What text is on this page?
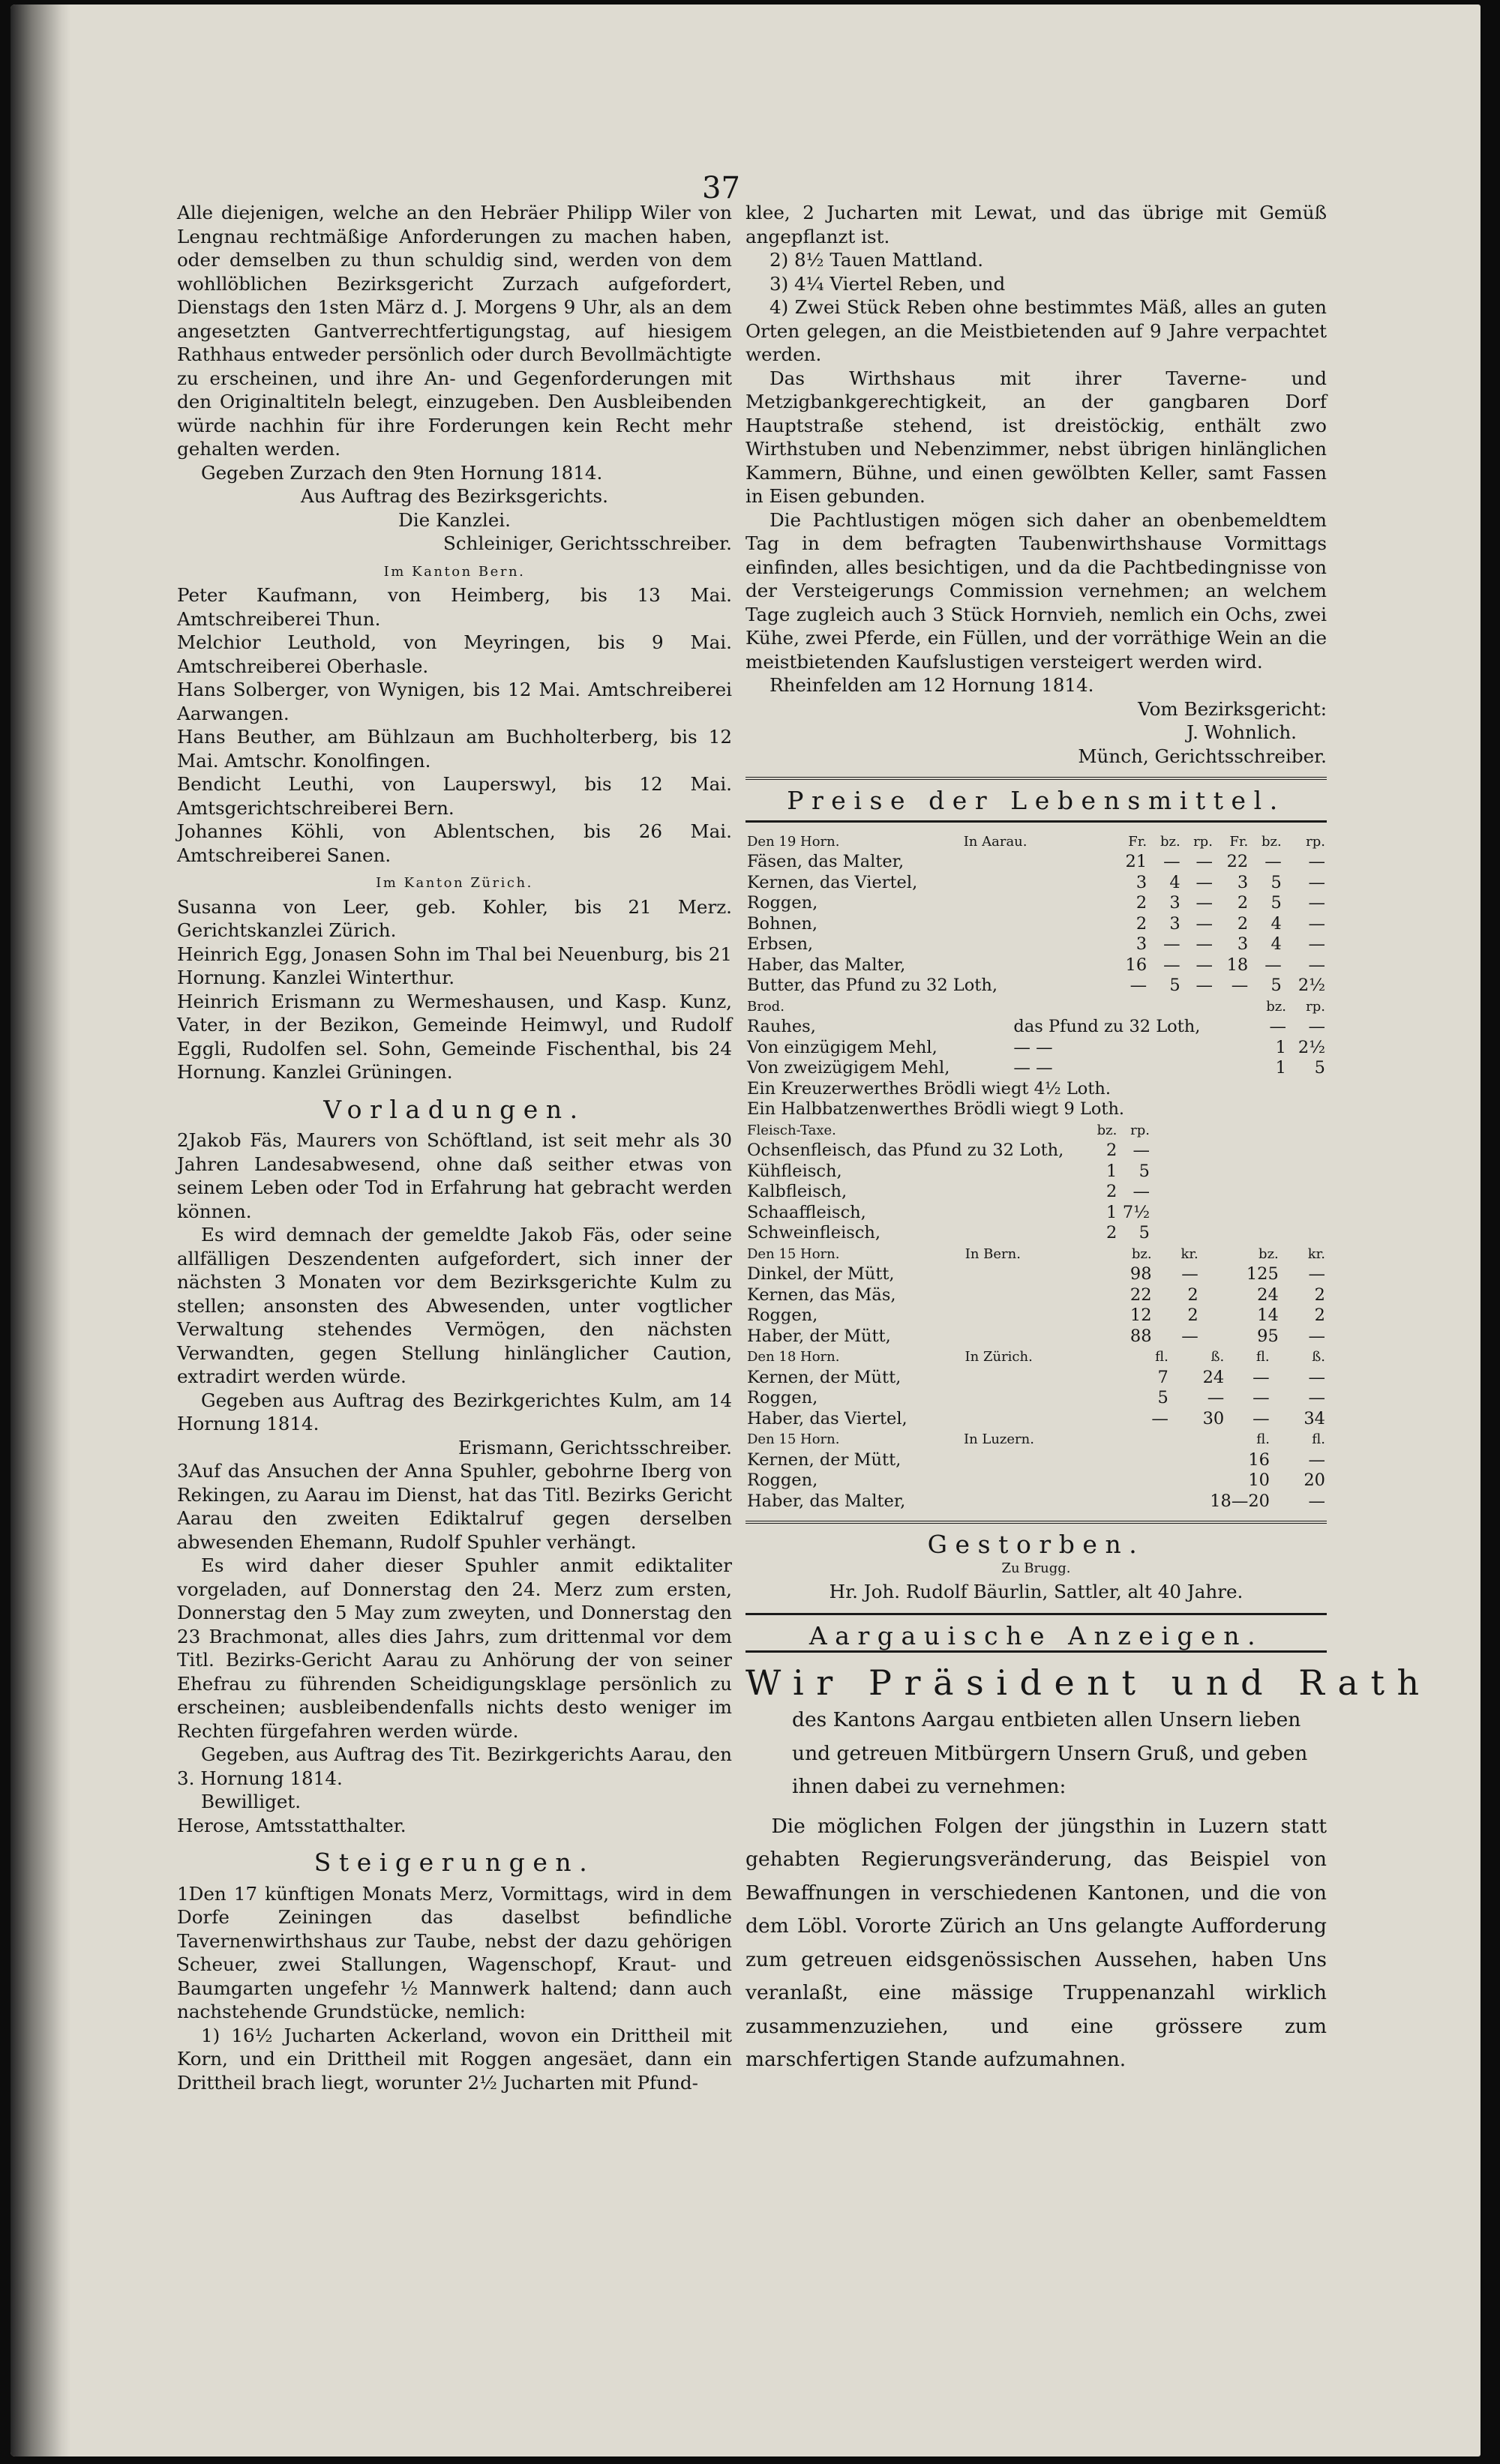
37

Alle diejenigen, welche an den Hebräer Philipp Wiler von Lengnau rechtmäßige Anforderungen zu machen haben, oder demselben zu thun schuldig sind, werden von dem wohllöblichen Bezirksgericht Zurzach aufgefordert, Dienstags den 1sten März d. J. Morgens 9 Uhr, als an dem angesetzten Gantverrechtfertigungstag, auf hiesigem Rathhaus entweder persönlich oder durch Bevollmächtigte zu erscheinen, und ihre An- und Gegenforderungen mit den Originaltiteln belegt, einzugeben. Den Ausbleibenden würde nachhin für ihre Forderungen kein Recht mehr gehalten werden.

Gegeben Zurzach den 9ten Hornung 1814.

Aus Auftrag des Bezirksgerichts.

Die Kanzlei.

Schleiniger, Gerichtsschreiber.

Im Kanton Bern.

Peter Kaufmann, von Heimberg, bis 13 Mai. Amtschreiberei Thun.

Melchior Leuthold, von Meyringen, bis 9 Mai. Amtschreiberei Oberhasle.

Hans Solberger, von Wynigen, bis 12 Mai. Amtschreiberei Aarwangen.

Hans Beuther, am Bühlzaun am Buchholterberg, bis 12 Mai. Amtschr. Konolfingen.

Bendicht Leuthi, von Lauperswyl, bis 12 Mai. Amtsgerichtschreiberei Bern.

Johannes Köhli, von Ablentschen, bis 26 Mai. Amtschreiberei Sanen.

Im Kanton Zürich.

Susanna von Leer, geb. Kohler, bis 21 Merz. Gerichtskanzlei Zürich.

Heinrich Egg, Jonasen Sohn im Thal bei Neuenburg, bis 21 Hornung. Kanzlei Winterthur.

Heinrich Erismann zu Wermeshausen, und Kasp. Kunz, Vater, in der Bezikon, Gemeinde Heimwyl, und Rudolf Eggli, Rudolfen sel. Sohn, Gemeinde Fischenthal, bis 24 Hornung. Kanzlei Grüningen.

Vorladungen.

2Jakob Fäs, Maurers von Schöftland, ist seit mehr als 30 Jahren Landesabwesend, ohne daß seither etwas von seinem Leben oder Tod in Erfahrung hat gebracht werden können.

Es wird demnach der gemeldte Jakob Fäs, oder seine allfälligen Deszendenten aufgefordert, sich inner der nächsten 3 Monaten vor dem Bezirksgerichte Kulm zu stellen; ansonsten des Abwesenden, unter vogtlicher Verwaltung stehendes Vermögen, den nächsten Verwandten, gegen Stellung hinlänglicher Caution, extradirt werden würde.

Gegeben aus Auftrag des Bezirkgerichtes Kulm, am 14 Hornung 1814.

Erismann, Gerichtsschreiber.

3Auf das Ansuchen der Anna Spuhler, gebohrne Iberg von Rekingen, zu Aarau im Dienst, hat das Titl. Bezirks Gericht Aarau den zweiten Ediktalruf gegen derselben abwesenden Ehemann, Rudolf Spuhler verhängt.

Es wird daher dieser Spuhler anmit ediktaliter vorgeladen, auf Donnerstag den 24. Merz zum ersten, Donnerstag den 5 May zum zweyten, und Donnerstag den 23 Brachmonat, alles dies Jahrs, zum drittenmal vor dem Titl. Bezirks-Gericht Aarau zu Anhörung der von seiner Ehefrau zu führenden Scheidigungsklage persönlich zu erscheinen; ausbleibendenfalls nichts desto weniger im Rechten fürgefahren werden würde.

Gegeben, aus Auftrag des Tit. Bezirkgerichts Aarau, den 3. Hornung 1814.

Bewilliget.

Herose, Amtsstatthalter.

Steigerungen.

1Den 17 künftigen Monats Merz, Vormittags, wird in dem Dorfe Zeiningen das daselbst befindliche Tavernenwirthshaus zur Taube, nebst der dazu gehörigen Scheuer, zwei Stallungen, Wagenschopf, Kraut- und Baumgarten ungefehr ½ Mannwerk haltend; dann auch nachstehende Grundstücke, nemlich:

1) 16½ Jucharten Ackerland, wovon ein Drittheil mit Korn, und ein Drittheil mit Roggen angesäet, dann ein Drittheil brach liegt, worunter 2½ Jucharten mit Pfund-

klee, 2 Jucharten mit Lewat, und das übrige mit Gemüß angepflanzt ist.

2) 8½ Tauen Mattland.

3) 4¼ Viertel Reben, und

4) Zwei Stück Reben ohne bestimmtes Mäß, alles an guten Orten gelegen, an die Meistbietenden auf 9 Jahre verpachtet werden.

Das Wirthshaus mit ihrer Taverne- und Metzigbankgerechtigkeit, an der gangbaren Dorf Hauptstraße stehend, ist dreistöckig, enthält zwo Wirthstuben und Nebenzimmer, nebst übrigen hinlänglichen Kammern, Bühne, und einen gewölbten Keller, samt Fassen in Eisen gebunden.

Die Pachtlustigen mögen sich daher an obenbemeldtem Tag in dem befragten Taubenwirthshause Vormittags einfinden, alles besichtigen, und da die Pachtbedingnisse von der Versteigerungs Commission vernehmen; an welchem Tage zugleich auch 3 Stück Hornvieh, nemlich ein Ochs, zwei Kühe, zwei Pferde, ein Füllen, und der vorräthige Wein an die meistbietenden Kaufslustigen versteigert werden wird.

Rheinfelden am 12 Hornung 1814.

Vom Bezirksgericht:

J. Wohnlich.

Münch, Gerichtsschreiber.

Preise der Lebensmittel.
Den 19 Horn.	In Aarau.	Fr.	bz.	rp.	Fr.	bz.	rp.
Fäsen, das Malter,		21	—	—	22	—	—
Kernen, das Viertel,		3	4	—	3	5	—
Roggen,		2	3	—	2	5	—
Bohnen,		2	3	—	2	4	—
Erbsen,		3	—	—	3	4	—
Haber, das Malter,		16	—	—	18	—	—
Butter, das Pfund zu 32 Loth,		—	5	—	—	5	2½
Brod.		bz.	rp.
Rauhes,	das Pfund zu 32 Loth,	—	—
Von einzügigem Mehl,	— —	1	2½
Von zweizügigem Mehl,	— —	1	5
Ein Kreuzerwerthes Brödli wiegt 4½ Loth.			
Ein Halbbatzenwerthes Brödli wiegt 9 Loth.			
Fleisch-Taxe.	bz.	rp.	
Ochsenfleisch, das Pfund zu 32 Loth,	2	—	
Kühfleisch,	1	5	
Kalbfleisch,	2	—	
Schaaffleisch,	1	7½	
Schweinfleisch,	2	5	
Den 15 Horn.	In Bern.	bz.	kr.	bz.	kr.
Dinkel, der Mütt,		98	—	125	—
Kernen, das Mäs,		22	2	24	2
Roggen,		12	2	14	2
Haber, der Mütt,		88	—	95	—
Den 18 Horn.	In Zürich.	fl.	ß.	fl.	ß.
Kernen, der Mütt,		7	24	—	—
Roggen,		5	—	—	—
Haber, das Viertel,		—	30	—	34
Den 15 Horn.	In Luzern.	fl.	fl.
Kernen, der Mütt,		16	—
Roggen,		10	20
Haber, das Malter,		18—20	—
Gestorben.

Zu Brugg.

Hr. Joh. Rudolf Bäurlin, Sattler, alt 40 Jahre.

Aargauische Anzeigen.
Wir Präsident und Rath

des Kantons Aargau entbieten allen Unsern lieben

und getreuen Mitbürgern Unsern Gruß, und geben

ihnen dabei zu vernehmen:

Die möglichen Folgen der jüngsthin in Luzern statt gehabten Regierungsveränderung, das Beispiel von Bewaffnungen in verschiedenen Kantonen, und die von dem Löbl. Vororte Zürich an Uns gelangte Aufforderung zum getreuen eidsgenössischen Aussehen, haben Uns veranlaßt, eine mässige Truppenanzahl wirklich zusammenzuziehen, und eine grössere zum marschfertigen Stande aufzumahnen.
